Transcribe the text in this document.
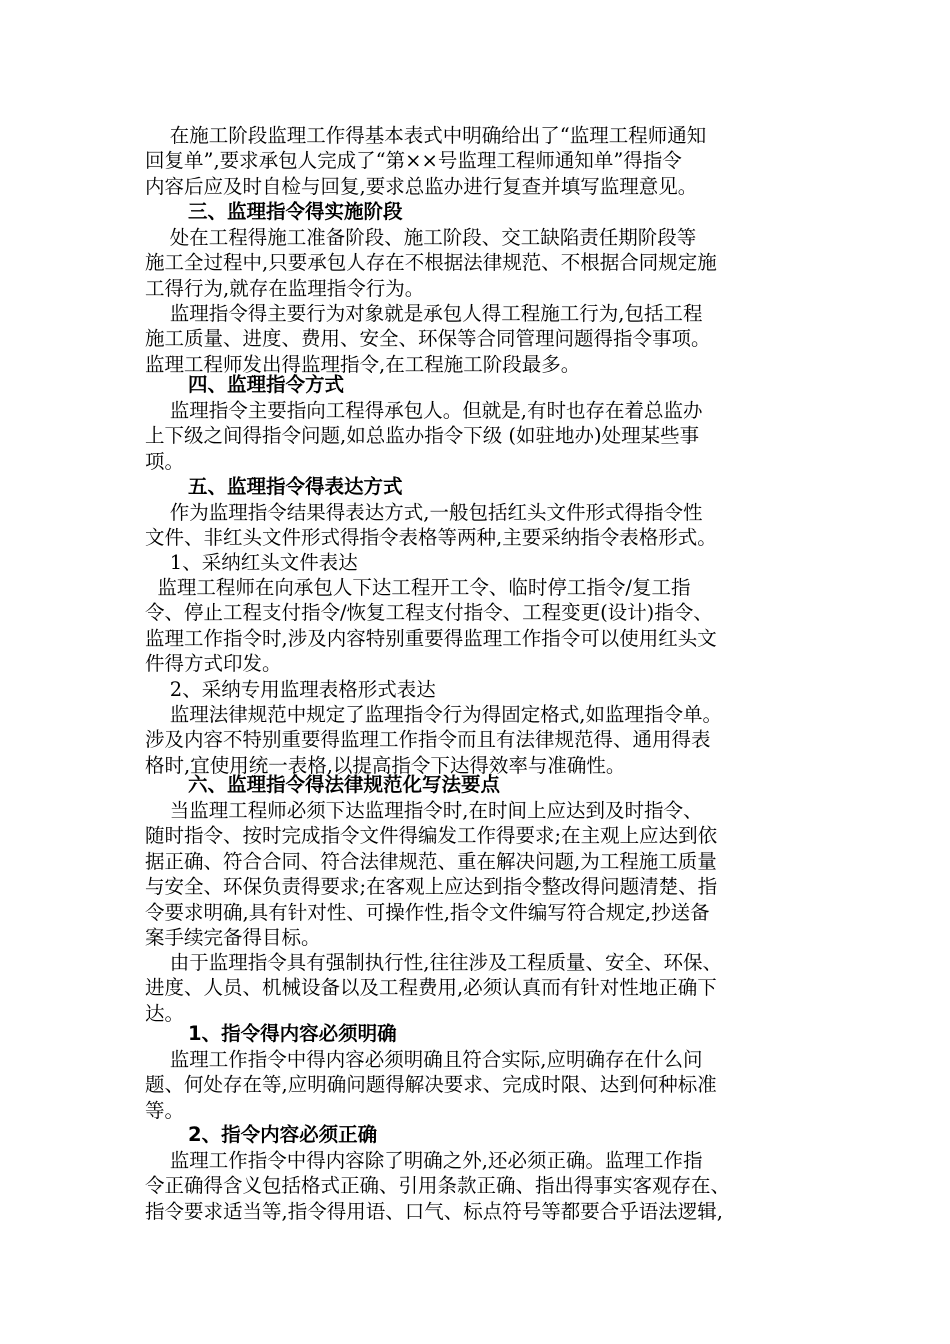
在施工阶段监理工作得基本表式中明确给出了“监理工程师通知
回复单”,要求承包人完成了“第××号监理工程师通知单”得指令
内容后应及时自检与回复,要求总监办进行复查并填写监理意见。

三、监理指令得实施阶段

处在工程得施工准备阶段、施工阶段、交工缺陷责任期阶段等
施工全过程中,只要承包人存在不根据法律规范、不根据合同规定施
工得行为,就存在监理指令行为。

监理指令得主要行为对象就是承包人得工程施工行为,包括工程
施工质量、进度、费用、安全、环保等合同管理问题得指令事项。
监理工程师发出得监理指令,在工程施工阶段最多。

四、监理指令方式

监理指令主要指向工程得承包人。但就是,有时也存在着总监办
上下级之间得指令问题,如总监办指令下级 (如驻地办)处理某些事
项。

五、监理指令得表达方式

作为监理指令结果得表达方式,一般包括红头文件形式得指令性
文件、非红头文件形式得指令表格等两种,主要采纳指令表格形式。

1、采纳红头文件表达

监理工程师在向承包人下达工程开工令、临时停工指令/复工指
令、停止工程支付指令/恢复工程支付指令、工程变更(设计)指令、
监理工作指令时,涉及内容特别重要得监理工作指令可以使用红头文
件得方式印发。

2、采纳专用监理表格形式表达

监理法律规范中规定了监理指令行为得固定格式,如监理指令单。
涉及内容不特别重要得监理工作指令而且有法律规范得、通用得表
格时,宜使用统一表格,以提高指令下达得效率与准确性。

六、监理指令得法律规范化写法要点

当监理工程师必须下达监理指令时,在时间上应达到及时指令、
随时指令、按时完成指令文件得编发工作得要求;在主观上应达到依
据正确、符合合同、符合法律规范、重在解决问题,为工程施工质量
与安全、环保负责得要求;在客观上应达到指令整改得问题清楚、指
令要求明确,具有针对性、可操作性,指令文件编写符合规定,抄送备
案手续完备得目标。

由于监理指令具有强制执行性,往往涉及工程质量、安全、环保、
进度、人员、机械设备以及工程费用,必须认真而有针对性地正确下
达。

1、指令得内容必须明确

监理工作指令中得内容必须明确且符合实际,应明确存在什么问
题、何处存在等,应明确问题得解决要求、完成时限、达到何种标准
等。

2、指令内容必须正确

监理工作指令中得内容除了明确之外,还必须正确。监理工作指
令正确得含义包括格式正确、引用条款正确、指出得事实客观存在、
指令要求适当等,指令得用语、口气、标点符号等都要合乎语法逻辑,
